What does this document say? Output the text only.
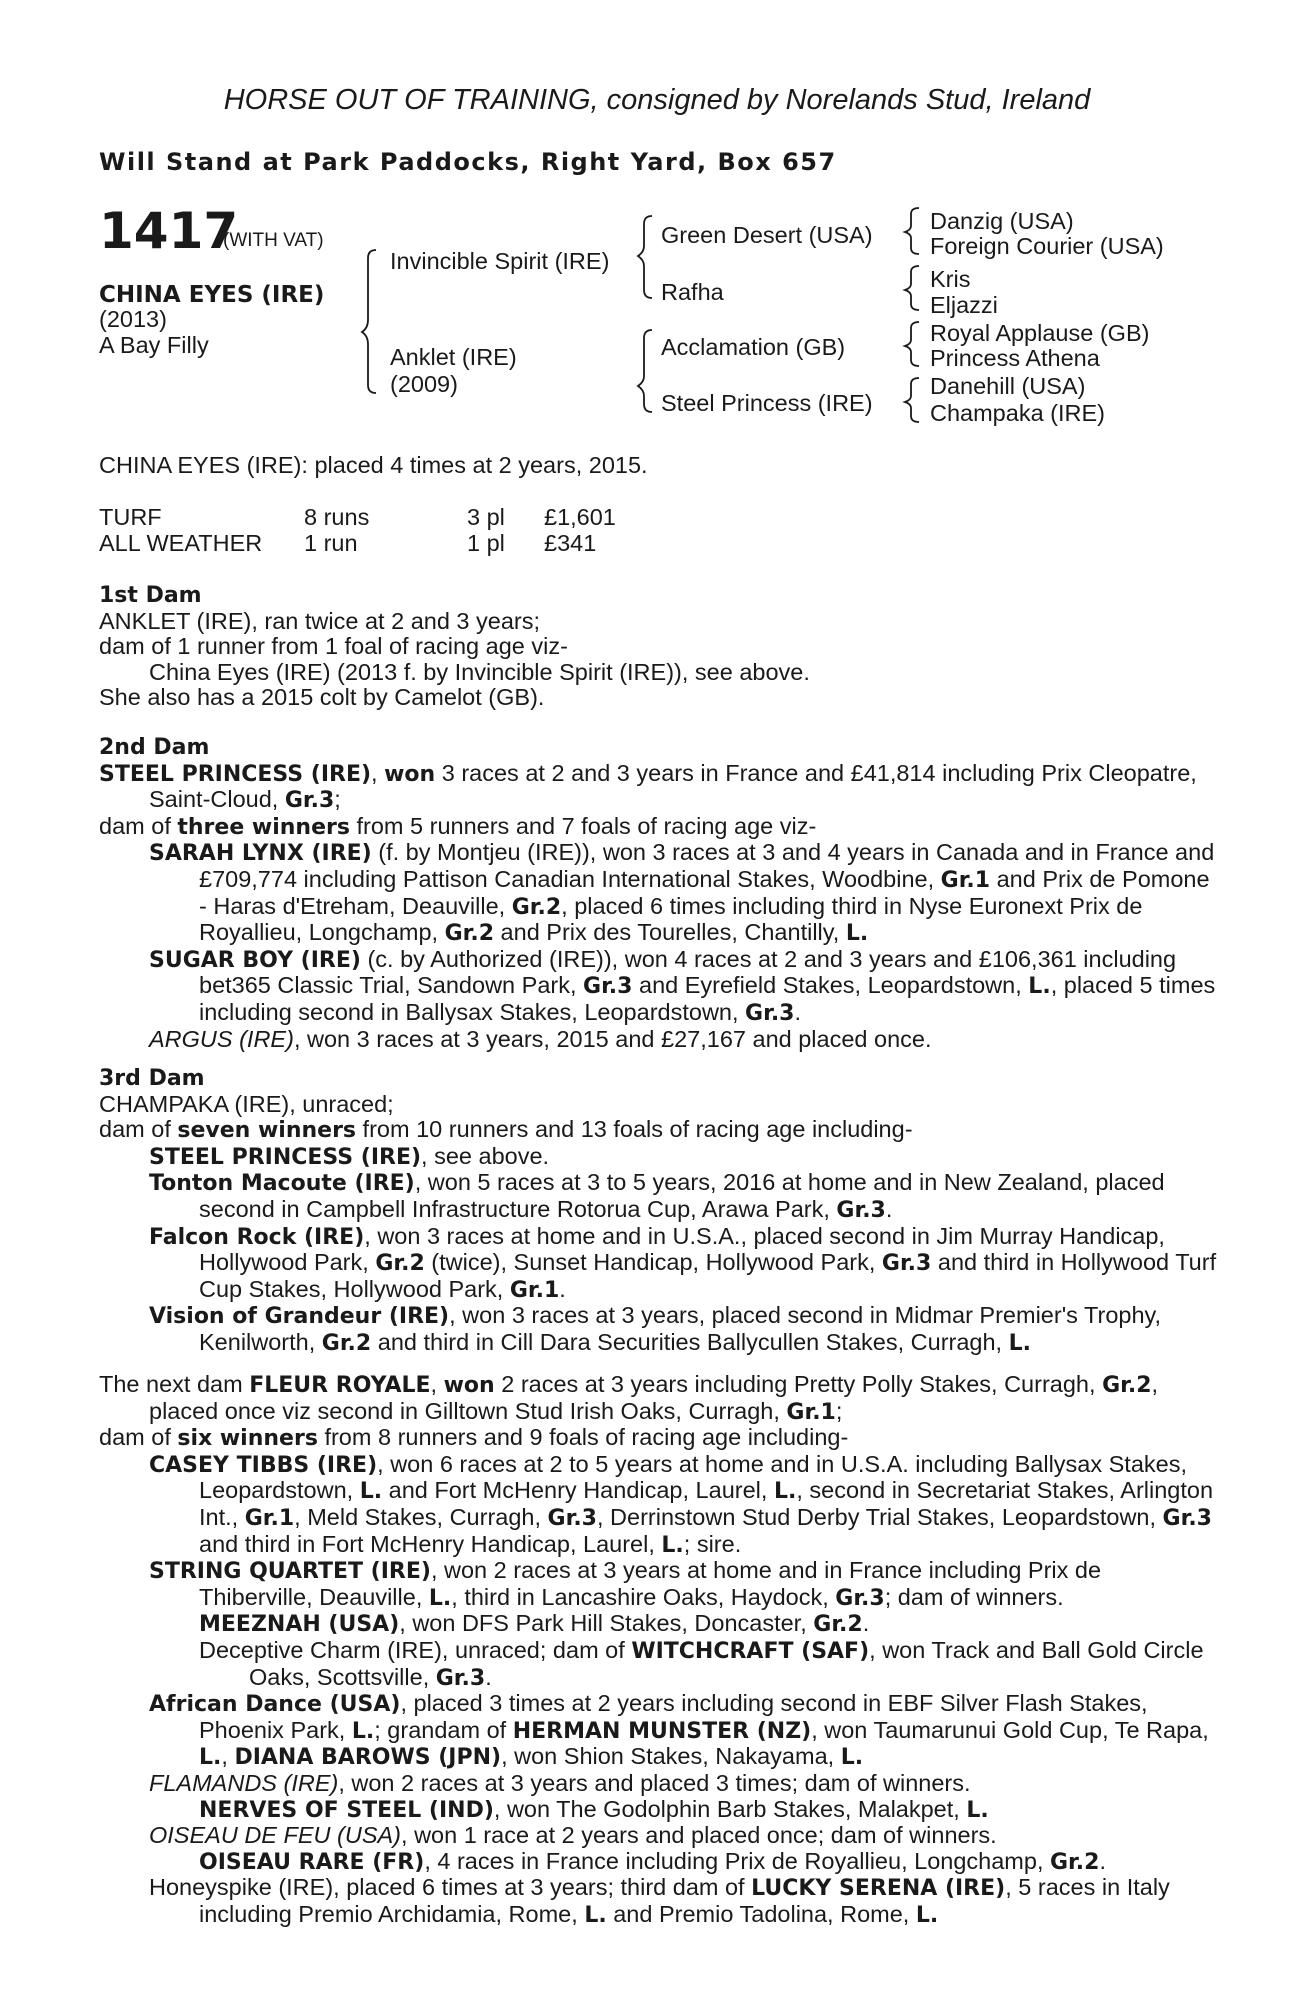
HORSE OUT OF TRAINING, consigned by Norelands Stud, Ireland
Will Stand at Park Paddocks, Right Yard, Box 657
1417
(WITH VAT)
CHINA EYES (IRE)
(2013)
A Bay Filly
Invincible Spirit (IRE)
Anklet (IRE)
(2009)
Green Desert (USA)
Rafha
Acclamation (GB)
Steel Princess (IRE)
Danzig (USA)
Foreign Courier (USA)
Kris
Eljazzi
Royal Applause (GB)
Princess Athena
Danehill (USA)
Champaka (IRE)
CHINA EYES (IRE): placed 4 times at 2 years, 2015.
TURF	8 runs	3 pl	£1,601
ALL WEATHER	1 run	1 pl	£341

1st Dam

ANKLET (IRE), ran twice at 2 and 3 years;

dam of 1 runner from 1 foal of racing age viz-

China Eyes (IRE) (2013 f. by Invincible Spirit (IRE)), see above.

She also has a 2015 colt by Camelot (GB).

2nd Dam

STEEL PRINCESS (IRE), won 3 races at 2 and 3 years in France and £41,814 including Prix Cleopatre, Saint-Cloud, Gr.3;

dam of three winners from 5 runners and 7 foals of racing age viz-

SARAH LYNX (IRE) (f. by Montjeu (IRE)), won 3 races at 3 and 4 years in Canada and in France and £709,774 including Pattison Canadian International Stakes, Woodbine, Gr.1 and Prix de Pomone - Haras d'Etreham, Deauville, Gr.2, placed 6 times including third in Nyse Euronext Prix de Royallieu, Longchamp, Gr.2 and Prix des Tourelles, Chantilly, L.

SUGAR BOY (IRE) (c. by Authorized (IRE)), won 4 races at 2 and 3 years and £106,361 including bet365 Classic Trial, Sandown Park, Gr.3 and Eyrefield Stakes, Leopardstown, L., placed 5 times including second in Ballysax Stakes, Leopardstown, Gr.3.

ARGUS (IRE), won 3 races at 3 years, 2015 and £27,167 and placed once.

3rd Dam

CHAMPAKA (IRE), unraced;

dam of seven winners from 10 runners and 13 foals of racing age including-

STEEL PRINCESS (IRE), see above.

Tonton Macoute (IRE), won 5 races at 3 to 5 years, 2016 at home and in New Zealand, placed second in Campbell Infrastructure Rotorua Cup, Arawa Park, Gr.3.

Falcon Rock (IRE), won 3 races at home and in U.S.A., placed second in Jim Murray Handicap, Hollywood Park, Gr.2 (twice), Sunset Handicap, Hollywood Park, Gr.3 and third in Hollywood Turf Cup Stakes, Hollywood Park, Gr.1.

Vision of Grandeur (IRE), won 3 races at 3 years, placed second in Midmar Premier's Trophy, Kenilworth, Gr.2 and third in Cill Dara Securities Ballycullen Stakes, Curragh, L.

The next dam FLEUR ROYALE, won 2 races at 3 years including Pretty Polly Stakes, Curragh, Gr.2, placed once viz second in Gilltown Stud Irish Oaks, Curragh, Gr.1;

dam of six winners from 8 runners and 9 foals of racing age including-

CASEY TIBBS (IRE), won 6 races at 2 to 5 years at home and in U.S.A. including Ballysax Stakes, Leopardstown, L. and Fort McHenry Handicap, Laurel, L., second in Secretariat Stakes, Arlington Int., Gr.1, Meld Stakes, Curragh, Gr.3, Derrinstown Stud Derby Trial Stakes, Leopardstown, Gr.3 and third in Fort McHenry Handicap, Laurel, L.; sire.

STRING QUARTET (IRE), won 2 races at 3 years at home and in France including Prix de Thiberville, Deauville, L., third in Lancashire Oaks, Haydock, Gr.3; dam of winners.

MEEZNAH (USA), won DFS Park Hill Stakes, Doncaster, Gr.2.

Deceptive Charm (IRE), unraced; dam of WITCHCRAFT (SAF), won Track and Ball Gold Circle Oaks, Scottsville, Gr.3.

African Dance (USA), placed 3 times at 2 years including second in EBF Silver Flash Stakes, Phoenix Park, L.; grandam of HERMAN MUNSTER (NZ), won Taumarunui Gold Cup, Te Rapa, L., DIANA BAROWS (JPN), won Shion Stakes, Nakayama, L.

FLAMANDS (IRE), won 2 races at 3 years and placed 3 times; dam of winners.

NERVES OF STEEL (IND), won The Godolphin Barb Stakes, Malakpet, L.

OISEAU DE FEU (USA), won 1 race at 2 years and placed once; dam of winners.

OISEAU RARE (FR), 4 races in France including Prix de Royallieu, Longchamp, Gr.2.

Honeyspike (IRE), placed 6 times at 3 years; third dam of LUCKY SERENA (IRE), 5 races in Italy including Premio Archidamia, Rome, L. and Premio Tadolina, Rome, L.
